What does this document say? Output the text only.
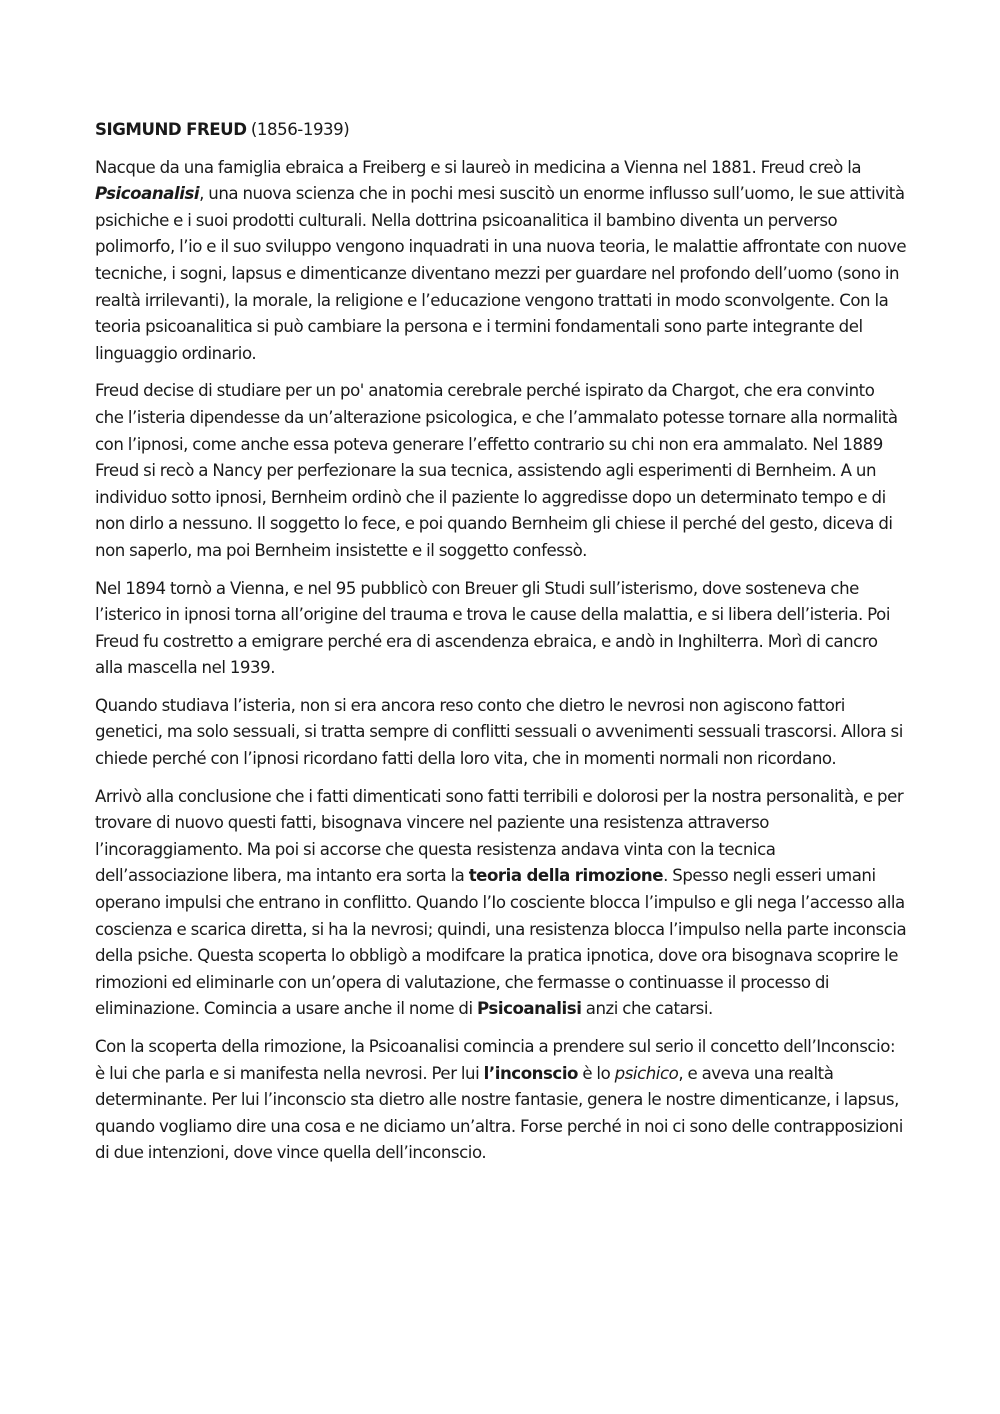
SIGMUND FREUD (1856-1939)

Nacque da una famiglia ebraica a Freiberg e si laureò in medicina a Vienna nel 1881. Freud creò la Psicoanalisi, una nuova scienza che in pochi mesi suscitò un enorme influsso sull’uomo, le sue attività psichiche e i suoi prodotti culturali. Nella dottrina psicoanalitica il bambino diventa un perverso polimorfo, l’io e il suo sviluppo vengono inquadrati in una nuova teoria, le malattie affrontate con nuove tecniche, i sogni, lapsus e dimenticanze diventano mezzi per guardare nel profondo dell’uomo (sono in realtà irrilevanti), la morale, la religione e l’educazione vengono trattati in modo sconvolgente. Con la teoria psicoanalitica si può cambiare la persona e i termini fondamentali sono parte integrante del linguaggio ordinario.

Freud decise di studiare per un po' anatomia cerebrale perché ispirato da Chargot, che era convinto che l’isteria dipendesse da un’alterazione psicologica, e che l’ammalato potesse tornare alla normalità con l’ipnosi, come anche essa poteva generare l’effetto contrario su chi non era ammalato. Nel 1889 Freud si recò a Nancy per perfezionare la sua tecnica, assistendo agli esperimenti di Bernheim. A un individuo sotto ipnosi, Bernheim ordinò che il paziente lo aggredisse dopo un determinato tempo e di non dirlo a nessuno. Il soggetto lo fece, e poi quando Bernheim gli chiese il perché del gesto, diceva di non saperlo, ma poi Bernheim insistette e il soggetto confessò.

Nel 1894 tornò a Vienna, e nel 95 pubblicò con Breuer gli Studi sull’isterismo, dove sosteneva che l’isterico in ipnosi torna all’origine del trauma e trova le cause della malattia, e si libera dell’isteria. Poi Freud fu costretto a emigrare perché era di ascendenza ebraica, e andò in Inghilterra. Morì di cancro alla mascella nel 1939.

Quando studiava l’isteria, non si era ancora reso conto che dietro le nevrosi non agiscono fattori genetici, ma solo sessuali, si tratta sempre di conflitti sessuali o avvenimenti sessuali trascorsi. Allora si chiede perché con l’ipnosi ricordano fatti della loro vita, che in momenti normali non ricordano.

Arrivò alla conclusione che i fatti dimenticati sono fatti terribili e dolorosi per la nostra personalità, e per trovare di nuovo questi fatti, bisognava vincere nel paziente una resistenza attraverso l’incoraggiamento. Ma poi si accorse che questa resistenza andava vinta con la tecnica dell’associazione libera, ma intanto era sorta la teoria della rimozione. Spesso negli esseri umani operano impulsi che entrano in conflitto. Quando l’Io cosciente blocca l’impulso e gli nega l’accesso alla coscienza e scarica diretta, si ha la nevrosi; quindi, una resistenza blocca l’impulso nella parte inconscia della psiche. Questa scoperta lo obbligò a modifcare la pratica ipnotica, dove ora bisognava scoprire le rimozioni ed eliminarle con un’opera di valutazione, che fermasse o continuasse il processo di eliminazione. Comincia a usare anche il nome di Psicoanalisi anzi che catarsi.

Con la scoperta della rimozione, la Psicoanalisi comincia a prendere sul serio il concetto dell’Inconscio: è lui che parla e si manifesta nella nevrosi. Per lui l’inconscio è lo psichico, e aveva una realtà determinante. Per lui l’inconscio sta dietro alle nostre fantasie, genera le nostre dimenticanze, i lapsus, quando vogliamo dire una cosa e ne diciamo un’altra. Forse perché in noi ci sono delle contrapposizioni di due intenzioni, dove vince quella dell’inconscio.
